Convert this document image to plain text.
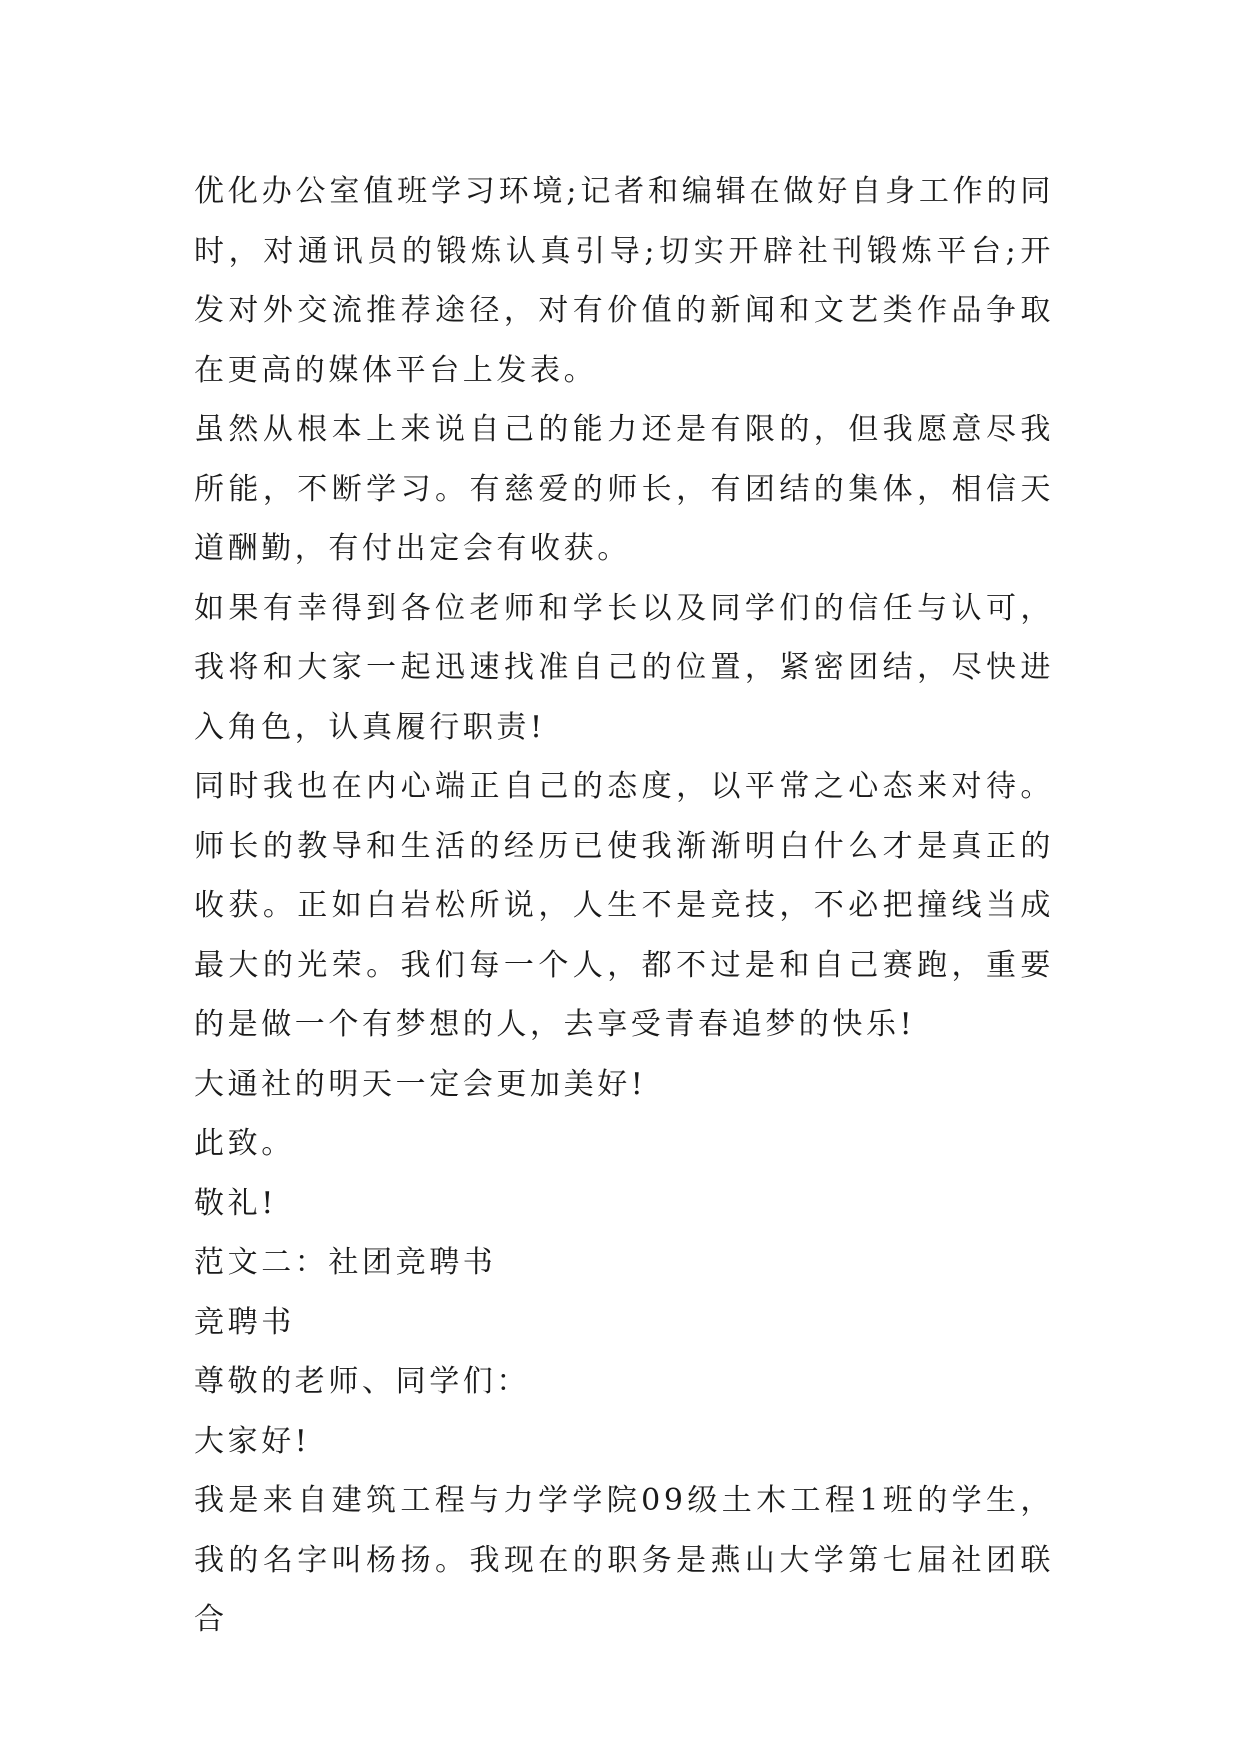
优化办公室值班学习环境;记者和编辑在做好自身工作的同时，对通讯员的锻炼认真引导;切实开辟社刊锻炼平台;开发对外交流推荐途径，对有价值的新闻和文艺类作品争取在更高的媒体平台上发表。

虽然从根本上来说自己的能力还是有限的，但我愿意尽我所能，不断学习。有慈爱的师长，有团结的集体，相信天道酬勤，有付出定会有收获。

如果有幸得到各位老师和学长以及同学们的信任与认可，我将和大家一起迅速找准自己的位置，紧密团结，尽快进入角色，认真履行职责!

同时我也在内心端正自己的态度，以平常之心态来对待。师长的教导和生活的经历已使我渐渐明白什么才是真正的收获。正如白岩松所说，人生不是竞技，不必把撞线当成最大的光荣。我们每一个人，都不过是和自己赛跑，重要的是做一个有梦想的人，去享受青春追梦的快乐!

大通社的明天一定会更加美好!

此致。

敬礼!

范文二：社团竞聘书

竞聘书

尊敬的老师、同学们：

大家好!

我是来自建筑工程与力学学院09级土木工程1班的学生，我的名字叫杨扬。我现在的职务是燕山大学第七届社团联合
